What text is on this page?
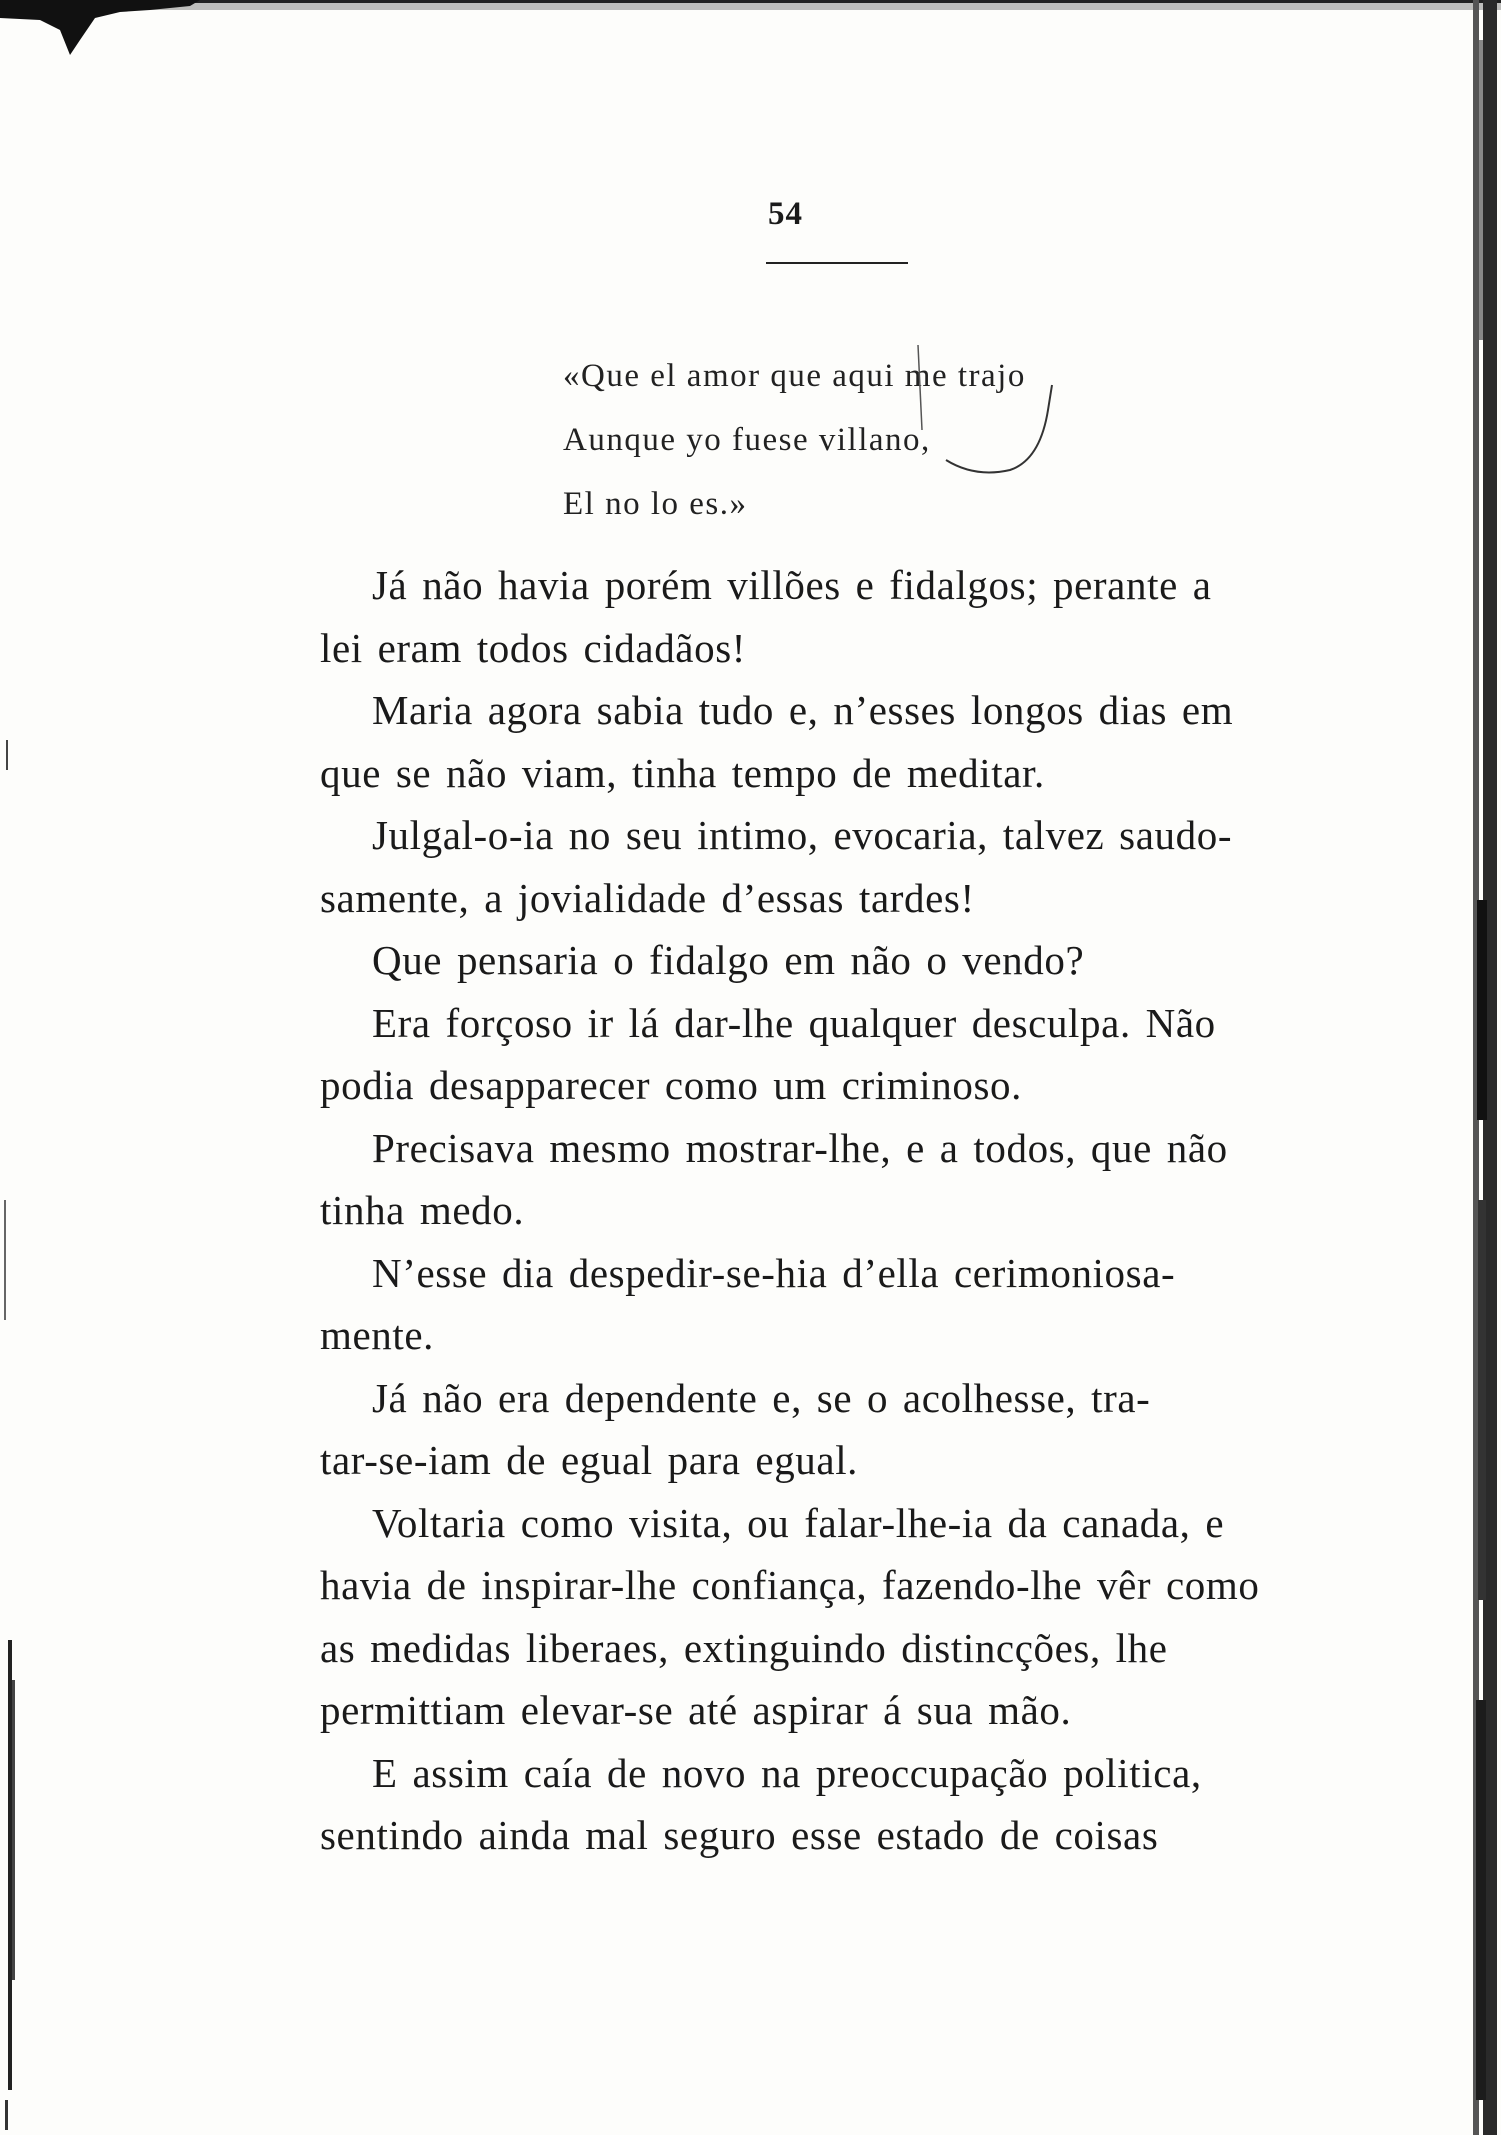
54
«Que el amor que aqui me trajo
Aunque yo fuese villano,
El no lo es.»

Já não havia porém villões e fidalgos; perante a
lei eram todos cidadãos!

Maria agora sabia tudo e, n’esses longos dias em
que se não viam, tinha tempo de meditar.

Julgal-o-ia no seu intimo, evocaria, talvez saudo-
samente, a jovialidade d’essas tardes!

Que pensaria o fidalgo em não o vendo?

Era forçoso ir lá dar-lhe qualquer desculpa. Não
podia desapparecer como um criminoso.

Precisava mesmo mostrar-lhe, e a todos, que não
tinha medo.

N’esse dia despedir-se-hia d’ella cerimoniosa-
mente.

Já não era dependente e, se o acolhesse, tra-
tar-se-iam de egual para egual.

Voltaria como visita, ou falar-lhe-ia da canada, e
havia de inspirar-lhe confiança, fazendo-lhe vêr como
as medidas liberaes, extinguindo distincções, lhe
permittiam elevar-se até aspirar á sua mão.

E assim caía de novo na preoccupação politica,
sentindo ainda mal seguro esse estado de coisas
